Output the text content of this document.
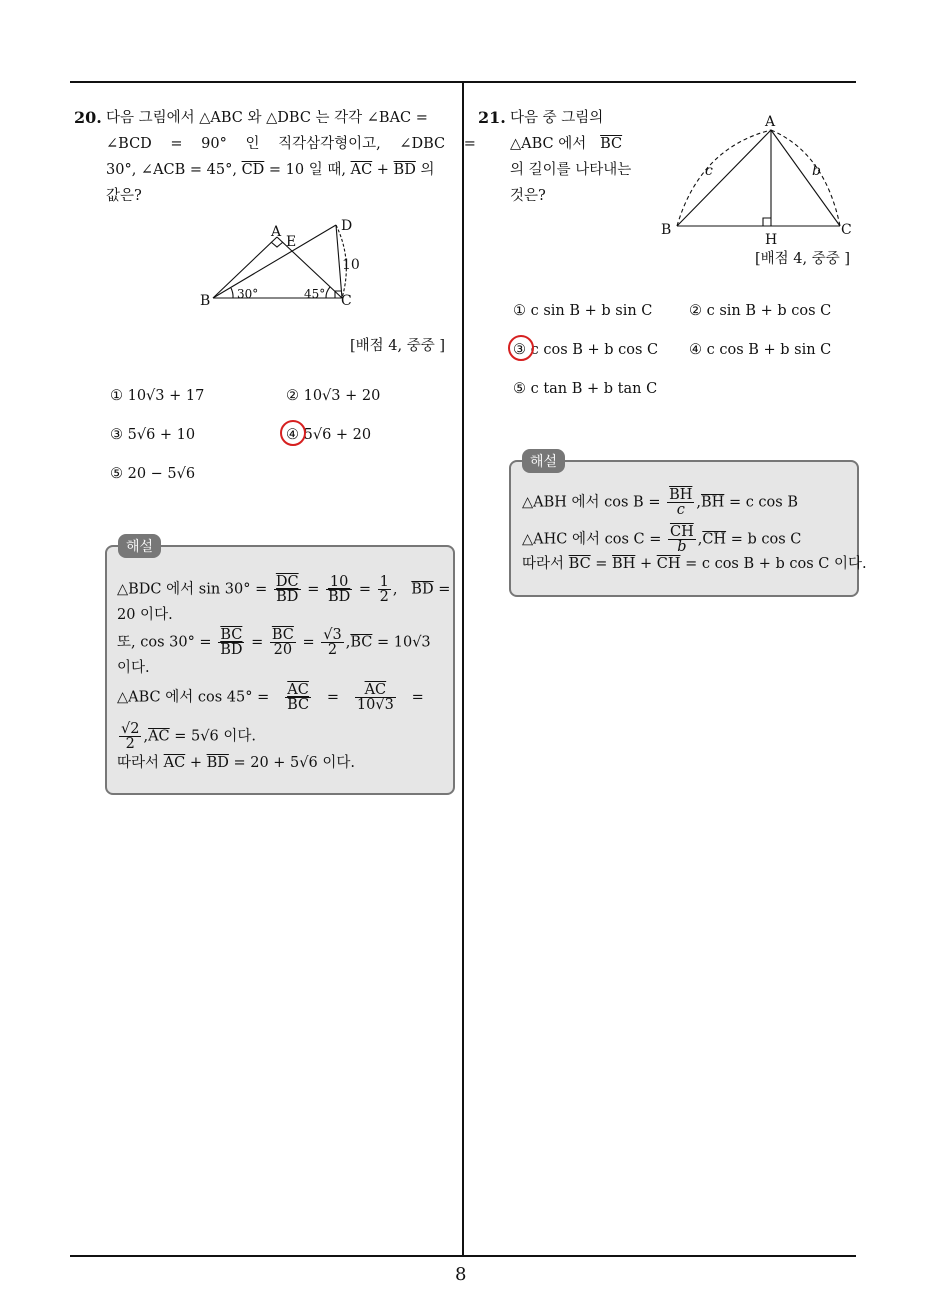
8
20. 다음 그림에서 △ABC 와 △DBC 는 각각 ∠BAC =
∠BCD = 90° 인 직각삼각형이고, ∠DBC =
30°, ∠ACB = 45°, $\overline{CD} = 10$ 일 때, $\overline{AC} + \overline{BD}$ 의
값은?
A
E
D
B	C
10
30°	45°
[배점 4, 중중 ]
① 10√3 + 17	② 10√3 + 20
③ 5√6 + 10	④ 5√6 + 20
⑤ 20 − 5√6
해설
△BDC 에서 $\sin 30^\circ = \frac{\overline{DC}}{BD} = \frac{10}{BD} = \frac{1}{2}$ , $\overline{BD}$ =
20 이다.
또, $\cos 30^\circ = \frac{\overline{BC}}{BD} = \frac{\overline{BC}}{20} = \frac{√3}{2} ,\overline{BC} = 10√3$
이다.
△ABC 에서 $\cos 45^\circ = \frac{\overline{AC}}{BC} = \frac{\overline{AC}}{10√3}$ =
$\frac{√2}{2} ,\overline{AC} = 5√6$ 이다.
따라서 $\overline{AC} + \overline{BD} = 20 + 5√6$ 이다.
21. 다음 중 그림의
△ABC 에서 $\overline{BC}$
의 길이를 나타내는
것은?
A
B	C
H
c	b
[배점 4, 중중 ]
① c sin B + b sin C	② c sin B + b cos C
③ c cos B + b cos C ④ c cos B + b sin C
⑤ c tan B + b tan C
해설
△ABH 에서 $\cos B = \frac{\overline{BH}}{c} ,\overline{BH} = c$ cos B
△AHC 에서 $\cos C = \frac{\overline{CH}}{b} ,\overline{CH} = b$ cos C
따라서 $\overline{BC} = \overline{BH} + \overline{CH} = c$ cos B + b cos C 이다.
